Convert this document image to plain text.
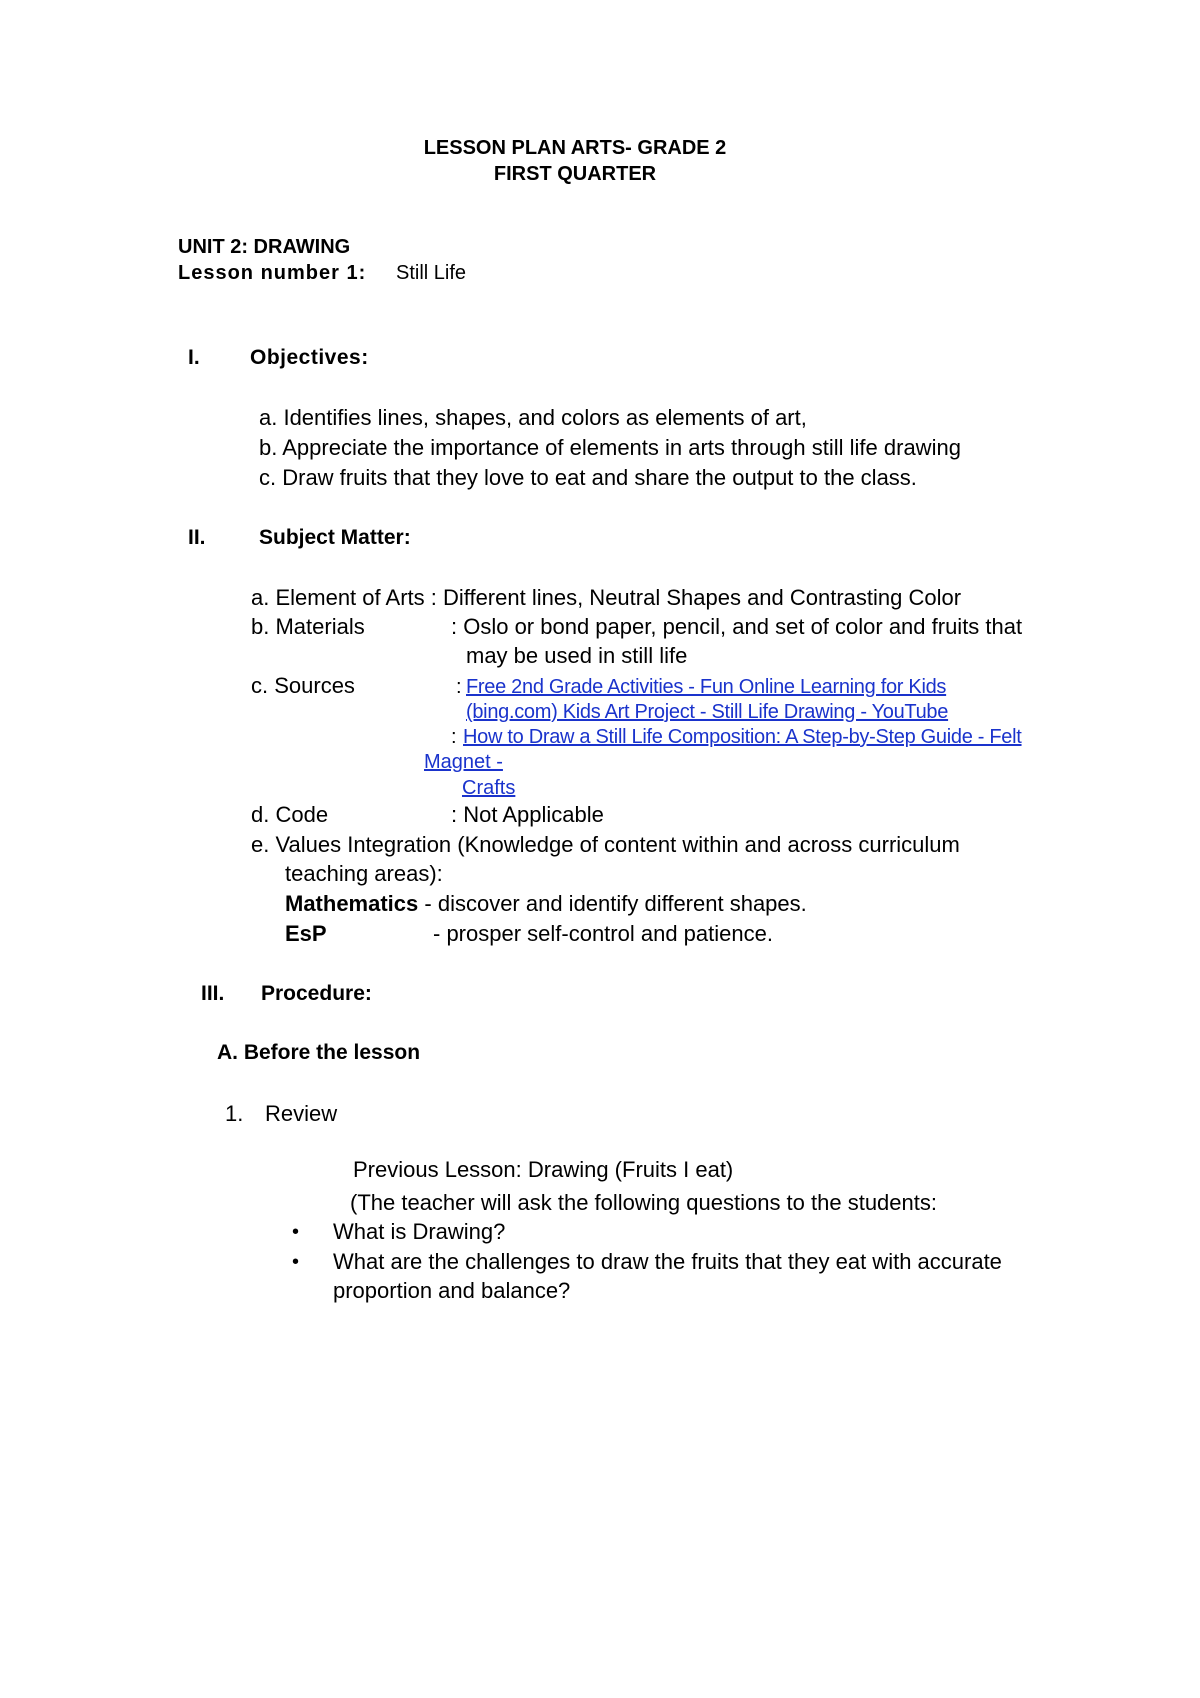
LESSON PLAN ARTS- GRADE 2
FIRST QUARTER
UNIT 2: DRAWING
Lesson number 1: Still Life
I. Objectives:
a. Identifies lines, shapes, and colors as elements of art,
b. Appreciate the importance of elements in arts through still life drawing
c. Draw fruits that they love to eat and share the output to the class.
II.	Subject Matter:
a. Element of Arts : Different lines, Neutral Shapes and Contrasting Color
b. Materials	: Oslo or bond paper, pencil, and set of color and fruits that
may be used in still life
c. Sources	: Free 2nd Grade Activities - Fun Online Learning for Kids
(bing.com) Kids Art Project - Still Life Drawing - YouTube
: How to Draw a Still Life Composition: A Step-by-Step Guide - Felt
Magnet -
Crafts
d. Code	: Not Applicable
e. Values Integration (Knowledge of content within and across curriculum
teaching areas):
Mathematics - discover and identify different shapes.
EsP	- prosper self-control and patience.
III. Procedure:
A. Before the lesson
1. Review
Previous Lesson: Drawing (Fruits I eat)
(The teacher will ask the following questions to the students:
• What is Drawing?
• What are the challenges to draw the fruits that they eat with accurate
proportion and balance?
